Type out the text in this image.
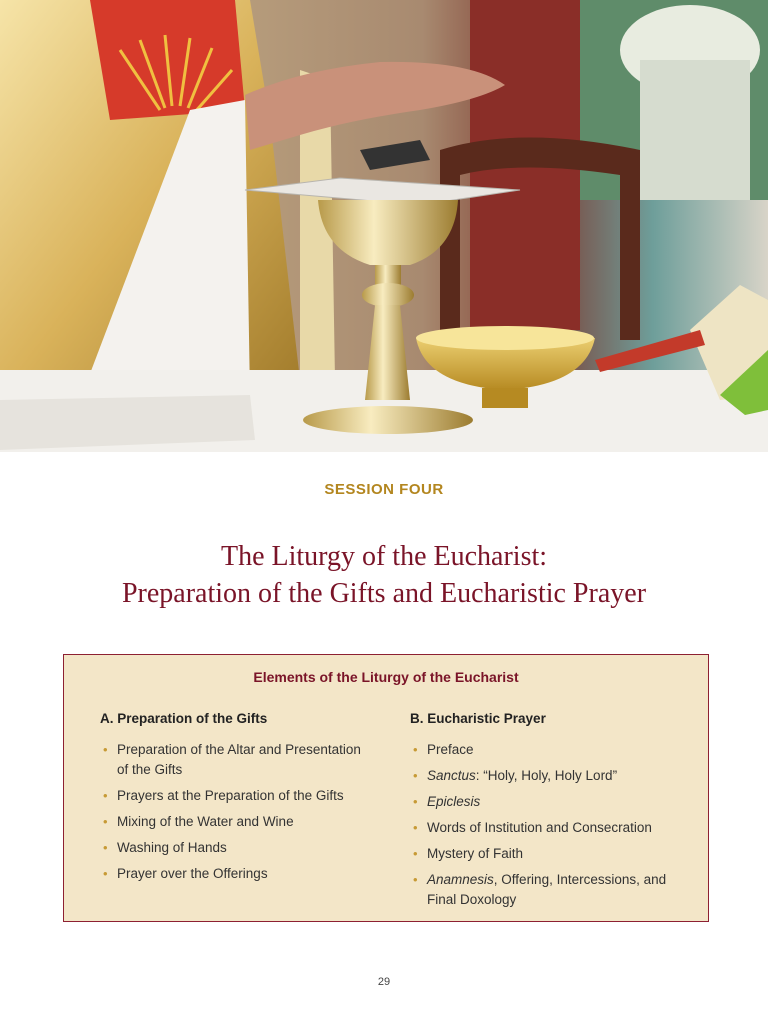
SESSION FOUR
The Liturgy of the Eucharist:
Preparation of the Gifts and Eucharistic Prayer
Elements of the Liturgy of the Eucharist
A. Preparation of the Gifts
• Preparation of the Altar and Presentation of the Gifts
• Prayers at the Preparation of the Gifts
• Mixing of the Water and Wine
• Washing of Hands
• Prayer over the Offerings
B. Eucharistic Prayer
• Preface
• Sanctus: “Holy, Holy, Holy Lord”
• Epiclesis
• Words of Institution and Consecration
• Mystery of Faith
• Anamnesis, Offering, Intercessions, and Final Doxology
29
